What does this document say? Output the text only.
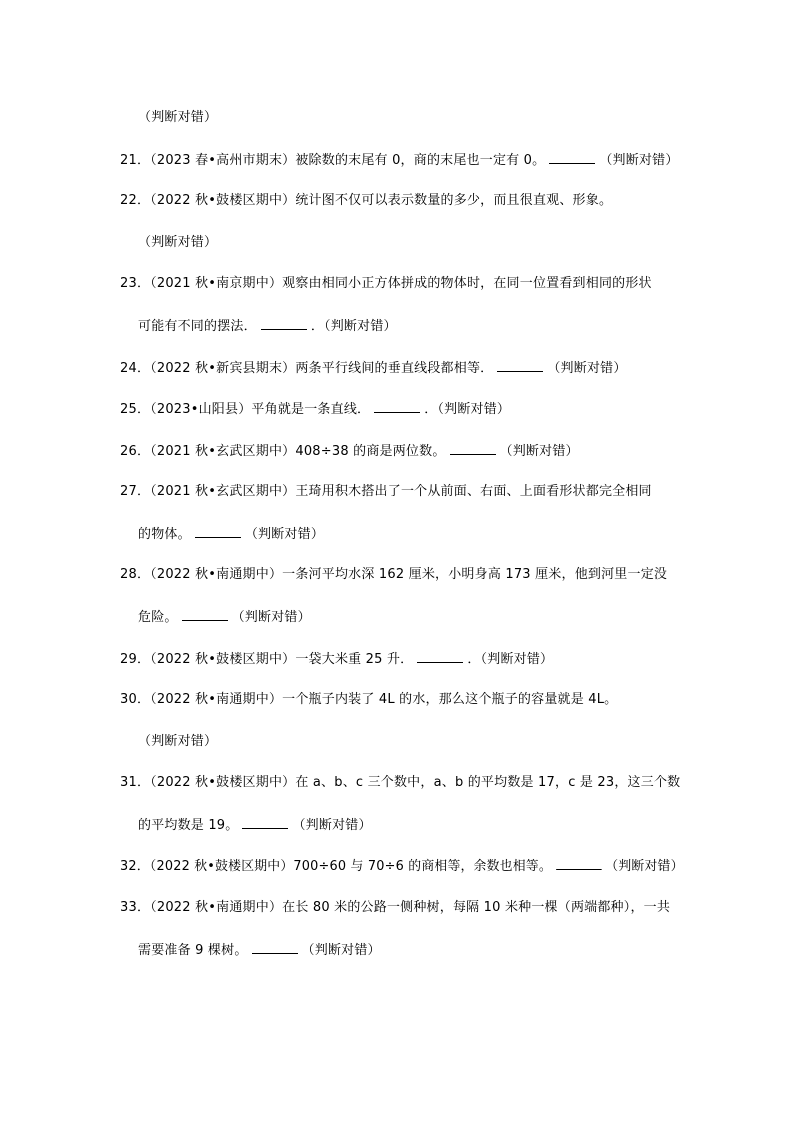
（判断对错）
21．（2023 春•高州市期末）被除数的末尾有 0，商的末尾也一定有 0。	（判断对错）
22．（2022 秋•鼓楼区期中）统计图不仅可以表示数量的多少，而且很直观、形象。
（判断对错）
23．（2021 秋•南京期中）观察由相同小正方体拼成的物体时，在同一位置看到相同的形状
可能有不同的摆法．	．（判断对错）
24．（2022 秋•新宾县期末）两条平行线间的垂直线段都相等．	（判断对错）
25．（2023•山阳县）平角就是一条直线．	．（判断对错）
26．（2021 秋•玄武区期中）408÷38 的商是两位数。	（判断对错）
27．（2021 秋•玄武区期中）王琦用积木搭出了一个从前面、右面、上面看形状都完全相同
的物体。	（判断对错）
28．（2022 秋•南通期中）一条河平均水深 162 厘米，小明身高 173 厘米，他到河里一定没
危险。	（判断对错）
29．（2022 秋•鼓楼区期中）一袋大米重 25 升．	．（判断对错）
30．（2022 秋•南通期中）一个瓶子内装了 4L 的水，那么这个瓶子的容量就是 4L。
（判断对错）
31．（2022 秋•鼓楼区期中）在 a、b、c 三个数中，a、b 的平均数是 17，c 是 23，这三个数
的平均数是 19。	（判断对错）
32．（2022 秋•鼓楼区期中）700÷60 与 70÷6 的商相等，余数也相等。	（判断对错）
33．（2022 秋•南通期中）在长 80 米的公路一侧种树，每隔 10 米种一棵（两端都种），一共
需要准备 9 棵树。	（判断对错）
